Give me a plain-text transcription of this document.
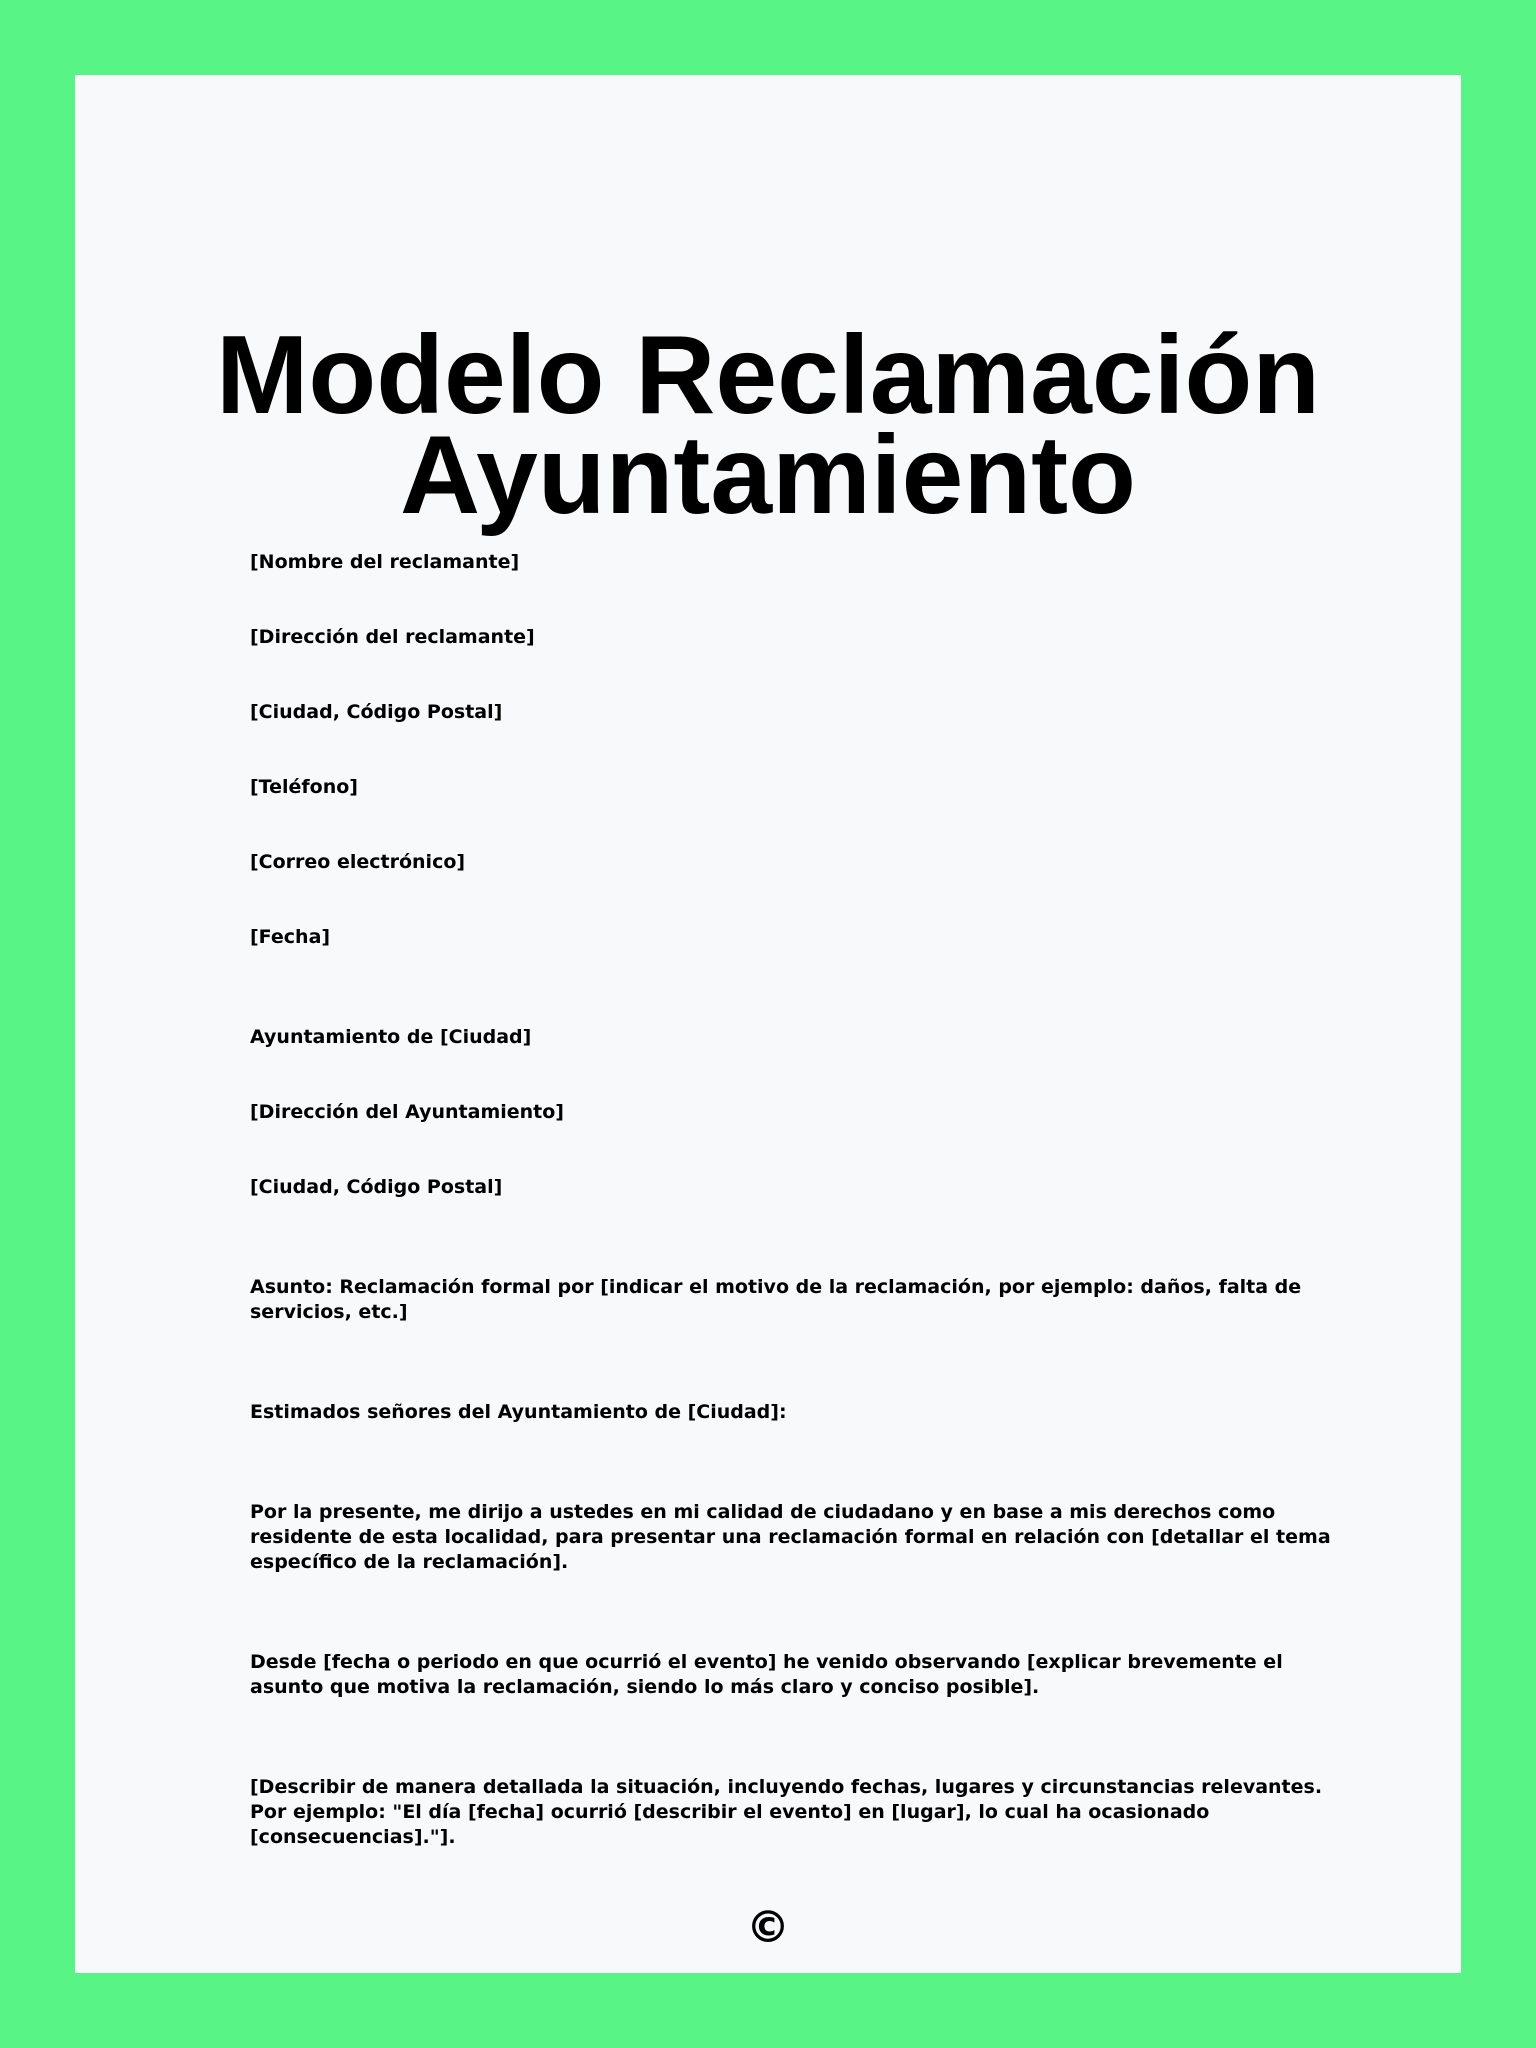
Modelo Reclamación
Ayuntamiento

[Nombre del reclamante]

[Dirección del reclamante]

[Ciudad, Código Postal]

[Teléfono]

[Correo electrónico]

[Fecha]

Ayuntamiento de [Ciudad]

[Dirección del Ayuntamiento]

[Ciudad, Código Postal]

Asunto: Reclamación formal por [indicar el motivo de la reclamación, por ejemplo: daños, falta de servicios, etc.]

Estimados señores del Ayuntamiento de [Ciudad]:

Por la presente, me dirijo a ustedes en mi calidad de ciudadano y en base a mis derechos como residente de esta localidad, para presentar una reclamación formal en relación con [detallar el tema específico de la reclamación].

Desde [fecha o periodo en que ocurrió el evento] he venido observando [explicar brevemente el asunto que motiva la reclamación, siendo lo más claro y conciso posible].

[Describir de manera detallada la situación, incluyendo fechas, lugares y circunstancias relevantes. Por ejemplo: "El día [fecha] ocurrió [describir el evento] en [lugar], lo cual ha ocasionado [consecuencias]."].

©
